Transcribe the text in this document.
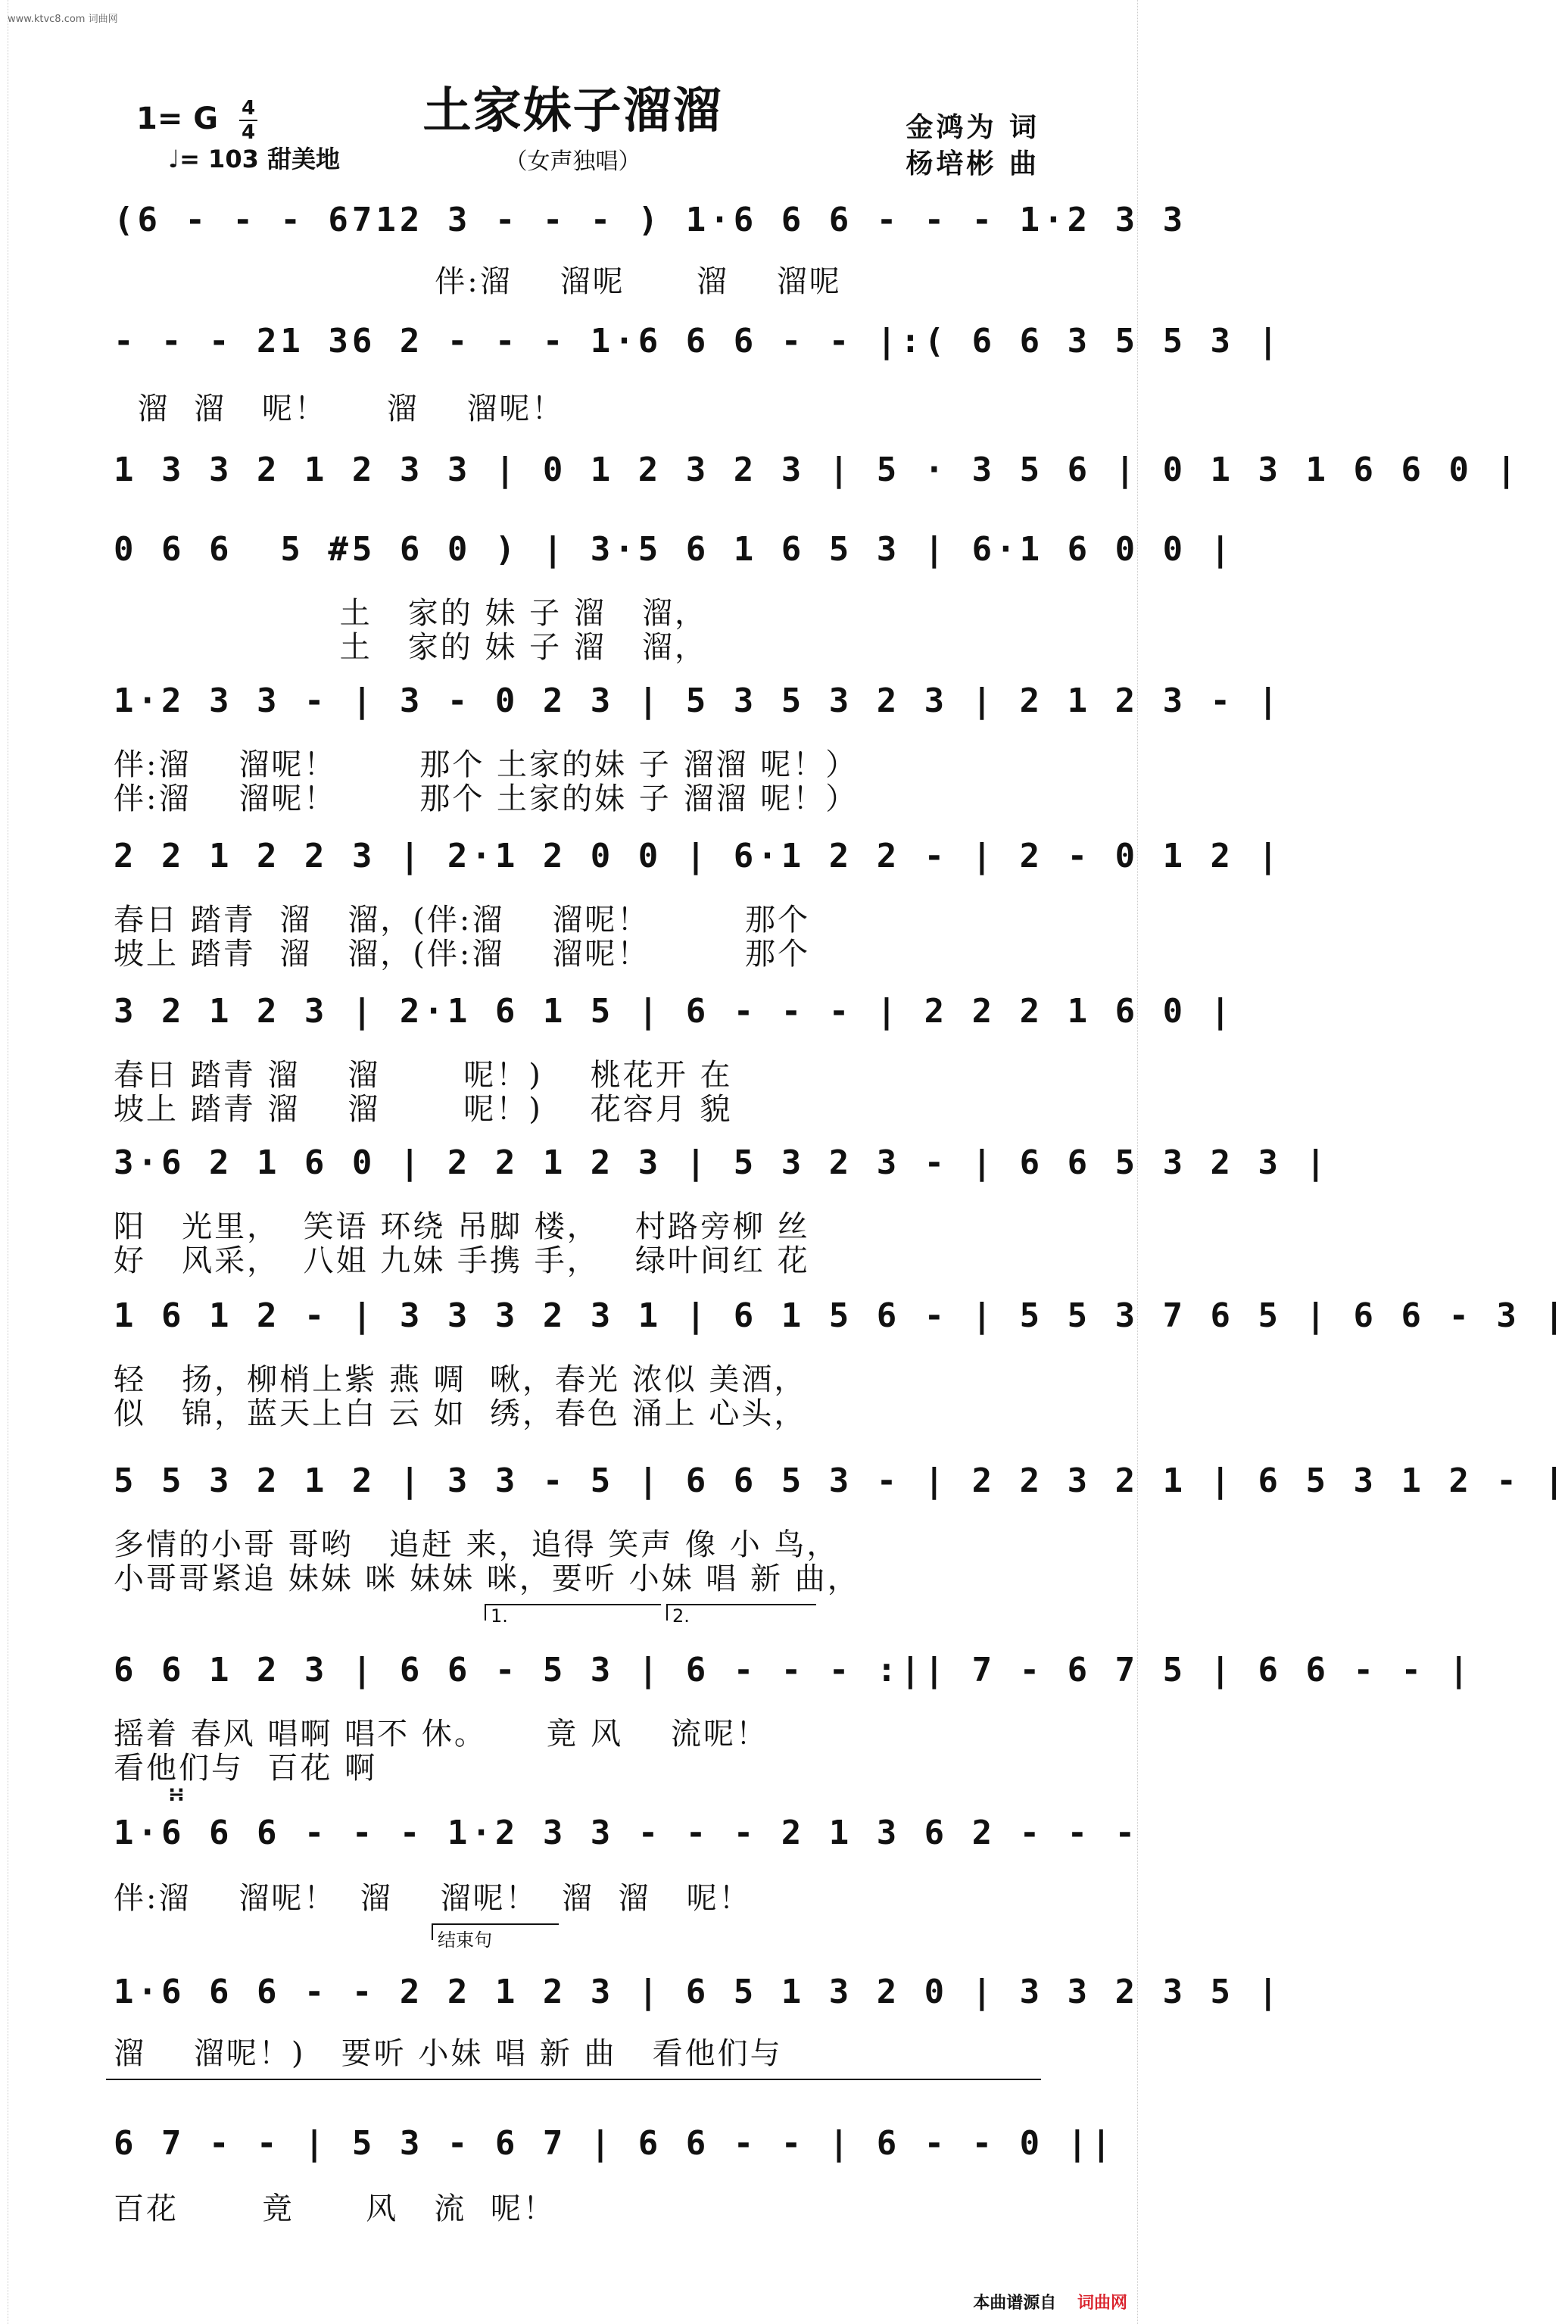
www.ktvc8.com 词曲网
土家妹子溜溜
（女声独唱）
1= G $\frac{4}{4}$
♩= 103 甜美地
金鸿为 词
杨培彬 曲
(6 - - - 6712 3 - - - ) 1·6 6 6 - - - 1·2 3 3
伴:溜    溜呢      溜    溜呢
- - - 21 36 2 - - - 1·6 6 6 - - |:( 6 6 3 5 5 3 |
溜  溜   呢！     溜    溜呢！
1 3 3 2 1 2 3 3 | 0 1 2 3 2 3 | 5 · 3 5 6 | 0 1 3 1 6 6 0 |
0 6 6  5 #5 6 0 ) | 3·5 6 1 6 5 3 | 6·1 6 0 0 |
土   家的 妹 子 溜   溜，
土   家的 妹 子 溜   溜，
1·2 3 3 - | 3 - 0 2 3 | 5 3 5 3 2 3 | 2 1 2 3 - |
伴:溜    溜呢！       那个 土家的妹 子 溜溜 呢！）
伴:溜    溜呢！       那个 土家的妹 子 溜溜 呢！）
2 2 1 2 2 3 | 2·1 2 0 0 | 6·1 2 2 - | 2 - 0 1 2 |
春日 踏青  溜   溜，(伴:溜    溜呢！        那个
坡上 踏青  溜   溜，(伴:溜    溜呢！        那个
3 2 1 2 3 | 2·1 6 1 5 | 6 - - - | 2 2 2 1 6 0 |
春日 踏青 溜    溜       呢！)    桃花开 在
坡上 踏青 溜    溜       呢！)    花容月 貌
3·6 2 1 6 0 | 2 2 1 2 3 | 5 3 2 3 - | 6 6 5 3 2 3 |
阳   光里，  笑语 环绕 吊脚 楼，   村路旁柳 丝
好   风采，  八姐 九妹 手携 手，   绿叶间红 花
1 6 1 2 - | 3 3 3 2 3 1 | 6 1 5 6 - | 5 5 3 7 6 5 | 6 6 - 3 |
轻   扬，柳梢上紫 燕 啁  啾，春光 浓似 美酒，
似   锦，蓝天上白 云 如  绣，春色 涌上 心头，
5 5 3 2 1 2 | 3 3 - 5 | 6 6 5 3 - | 2 2 3 2 1 | 6 5 3 1 2 - |
多情的小哥 哥哟   追赶 来，追得 笑声 像 小 鸟，
小哥哥紧追 妹妹 咪 妹妹 咪，要听 小妹 唱 新 曲，
1.	2.
6 6 1 2 3 | 6 6 - 5 3 | 6 - - - :|| 7 - 6 7 5 | 6 6 - - |
摇着 春风 唱啊 唱不 休。     竟 风    流呢！
看他们与  百花 啊
∺
1·6 6 6 - - - 1·2 3 3 - - - 2 1 3 6 2 - - -
伴:溜    溜呢！  溜    溜呢！  溜  溜   呢！
结束句
1·6 6 6 - - 2 2 1 2 3 | 6 5 1 3 2 0 | 3 3 2 3 5 |
溜    溜呢！)   要听 小妹 唱 新 曲   看他们与
6 7 - - | 5 3 - 6 7 | 6 6 - - | 6 - - 0 ||
百花       竟      风   流  呢！
本曲谱源自 词曲网
